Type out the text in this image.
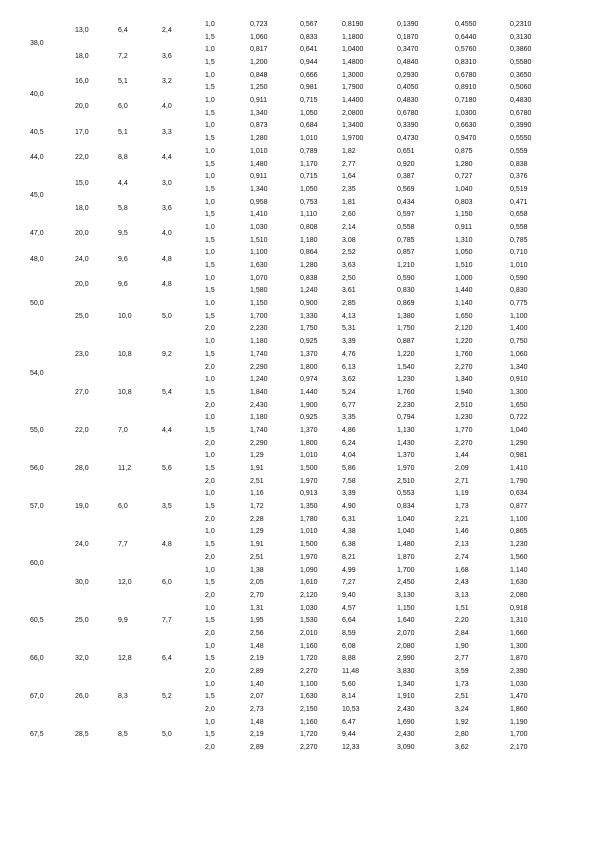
38,0	13,0	6,4	2,4	1,0	0,723	0,567	0,8190	0,1390	0,4550	0,2310
				1,5	1,060	0,833	1,1800	0,1870	0,6440	0,3130
	18,0	7,2	3,6	1,0	0,817	0,641	1,0400	0,3470	0,5760	0,3860
				1,5	1,200	0,944	1,4800	0,4840	0,8310	0,5580
40,0	16,0	5,1	3,2	1,0	0,848	0,666	1,3000	0,2930	0,6780	0,3650
				1,5	1,250	0,981	1,7900	0,4050	0,8910	0,5060
	20,0	6,0	4,0	1,0	0,911	0,715	1,4400	0,4830	0,7180	0,4830
				1,5	1,340	1,050	2,0800	0,6780	1,0300	0,6780
40,5	17,0	5,1	3,3	1,0	0,873	0,684	1,3400	0,3390	0,6630	0,3990
				1,5	1,280	1,010	1,9700	0,4730	0,9470	0,5550
44,0	22,0	8,8	4,4	1,0	1,010	0,789	1,82	0,651	0,875	0,559
				1,5	1,480	1,170	2,77	0,920	1,280	0,838
45,0	15,0	4,4	3,0	1,0	0,911	0,715	1,64	0,387	0,727	0,376
				1,5	1,340	1,050	2,35	0,569	1,040	0,519
	18,0	5,8	3,6	1,0	0,958	0,753	1,81	0,434	0,803	0,471
				1,5	1,410	1,110	2,60	0,597	1,150	0,658
47,0	20,0	9,5	4,0	1,0	1,030	0,808	2,14	0,558	0,911	0,558
				1,5	1,510	1,180	3,08	0,785	1,310	0,785
48,0	24,0	9,6	4,8	1,0	1,100	0,864	2,52	0,857	1,050	0,710
				1,5	1,630	1,280	3,63	1,210	1,510	1,010
50,0	20,0	9,6	4,8	1,0	1,070	0,838	2,50	0,590	1,000	0,590
				1,5	1,580	1,240	3,61	0,830	1,440	0,830
	25,0	10,0	5,0	1,0	1,150	0,900	2,85	0,869	1,140	0,775
				1,5	1,700	1,330	4,13	1,380	1,650	1,100
				2,0	2,230	1,750	5,31	1,750	2,120	1,400
54,0	23,0	10,8	9,2	1,0	1,180	0,925	3,39	0,887	1,220	0,750
				1,5	1,740	1,370	4,76	1,220	1,760	1,060
				2,0	2,290	1,800	6,13	1,540	2,270	1,340
	27,0	10,8	5,4	1,0	1,240	0,974	3,62	1,230	1,340	0,910
				1,5	1,840	1,440	5,24	1,760	1,940	1,300
				2,0	2,430	1,900	6,77	2,230	2,510	1,650
55,0	22,0	7,0	4,4	1,0	1,180	0,925	3,35	0,794	1,230	0,722
				1,5	1,740	1,370	4,86	1,130	1,770	1,040
				2,0	2,290	1,800	6,24	1,430	2,270	1,290
56,0	28,0	11,2	5,6	1,0	1,29	1,010	4,04	1,370	1,44	0,981
				1,5	1,91	1,500	5,86	1,970	2,09	1,410
				2,0	2,51	1,970	7,58	2,510	2,71	1,790
57,0	19,0	6,0	3,5	1,0	1,16	0,913	3,39	0,553	1,19	0,634
				1,5	1,72	1,350	4,90	0,834	1,73	0,877
				2,0	2,28	1,780	6,31	1,040	2,21	1,100
60,0	24,0	7,7	4,8	1,0	1,29	1,010	4,38	1,040	1,46	0,865
				1,5	1,91	1,500	6,38	1,480	2,13	1,230
				2,0	2,51	1,970	8,21	1,870	2,74	1,560
	30,0	12,0	6,0	1,0	1,38	1,090	4,99	1,700	1,68	1,140
				1,5	2,05	1,610	7,27	2,450	2,43	1,630
				2,0	2,70	2,120	9,40	3,130	3,13	2,080
60,5	25,0	9,9	7,7	1,0	1,31	1,030	4,57	1,150	1,51	0,918
				1,5	1,95	1,530	6,64	1,640	2,20	1,310
				2,0	2,56	2,010	8,59	2,070	2,84	1,660
66,0	32,0	12,8	6,4	1,0	1,48	1,160	6,08	2,080	1,90	1,300
				1,5	2,19	1,720	8,88	2,990	2,77	1,870
				2,0	2,89	2,270	11,48	3,830	3,59	2,390
67,0	26,0	8,3	5,2	1,0	1,40	1,100	5,60	1,340	1,73	1,030
				1,5	2,07	1,630	8,14	1,910	2,51	1,470
				2,0	2,73	2,150	10,53	2,430	3,24	1,860
67,5	28,5	8,5	5,0	1,0	1,48	1,160	6,47	1,690	1,92	1,190
				1,5	2,19	1,720	9,44	2,430	2,80	1,700
				2,0	2,89	2,270	12,33	3,090	3,62	2,170
